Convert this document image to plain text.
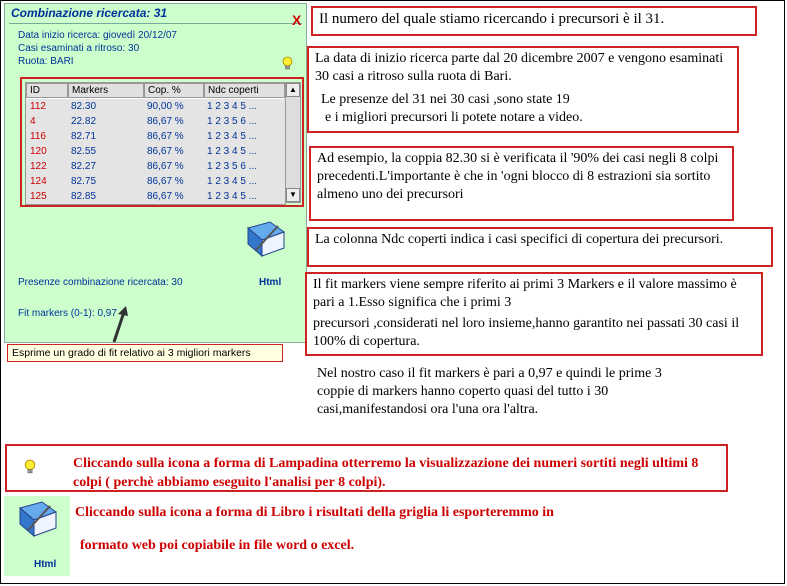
Combinazione ricercata: 31	X
Data inizio ricerca: giovedì 20/12/07
Casi esaminati a ritroso: 30
Ruota: BARI
ID	Markers	Cop. %	Ndc coperti
112	82.30	90,00 % 1 2 3 4 5 ...
4	22.82	86,67 % 1 2 3 5 6 ...
116	82.71	86,67 % 1 2 3 4 5 ...
120 82.55	86,67 % 1 2 3 4 5 ...
122 82.27	86,67 % 1 2 3 5 6 ...
124 82.75	86,67 % 1 2 3 4 5 ...
125 82.85	86,67 % 1 2 3 4 5 ...
▲
▼
Html
Presenze combinazione ricercata: 30
Fit markers (0-1): 0,97
Esprime un grado di fit relativo ai 3 migliori markers

Il numero del quale stiamo ricercando i precursori è il 31.

La data di inizio ricerca parte dal 20 dicembre 2007 e vengono esaminati 30 casi a ritroso sulla ruota di Bari.

Le presenze del 31 nei 30 casi ,sono state 19

e i migliori precursori li potete notare a video.

Ad esempio, la coppia 82.30 si è verificata il '90% dei casi negli 8 colpi precedenti.L'importante è che in 'ogni blocco di 8 estrazioni sia sortito almeno uno dei precursori

La colonna Ndc coperti indica i casi specifici di copertura dei precursori.

Il fit markers viene sempre riferito ai primi 3 Markers e il valore massimo è pari a 1.Esso significa che i primi 3

precursori ,considerati nel loro insieme,hanno garantito nei passati 30 casi il 100% di copertura.

Nel nostro caso il fit markers è pari a 0,97 e quindi le prime 3 coppie di markers hanno coperto quasi del tutto i 30 casi,manifestandosi ora l'una ora l'altra.

Cliccando sulla icona a forma di Lampadina otterremo la visualizzazione dei numeri sortiti negli ultimi 8 colpi ( perchè abbiamo eseguito l'analisi per 8 colpi).
Html
Cliccando sulla icona a forma di Libro i risultati della griglia li esporteremmo in
formato web poi copiabile in file word o excel.
